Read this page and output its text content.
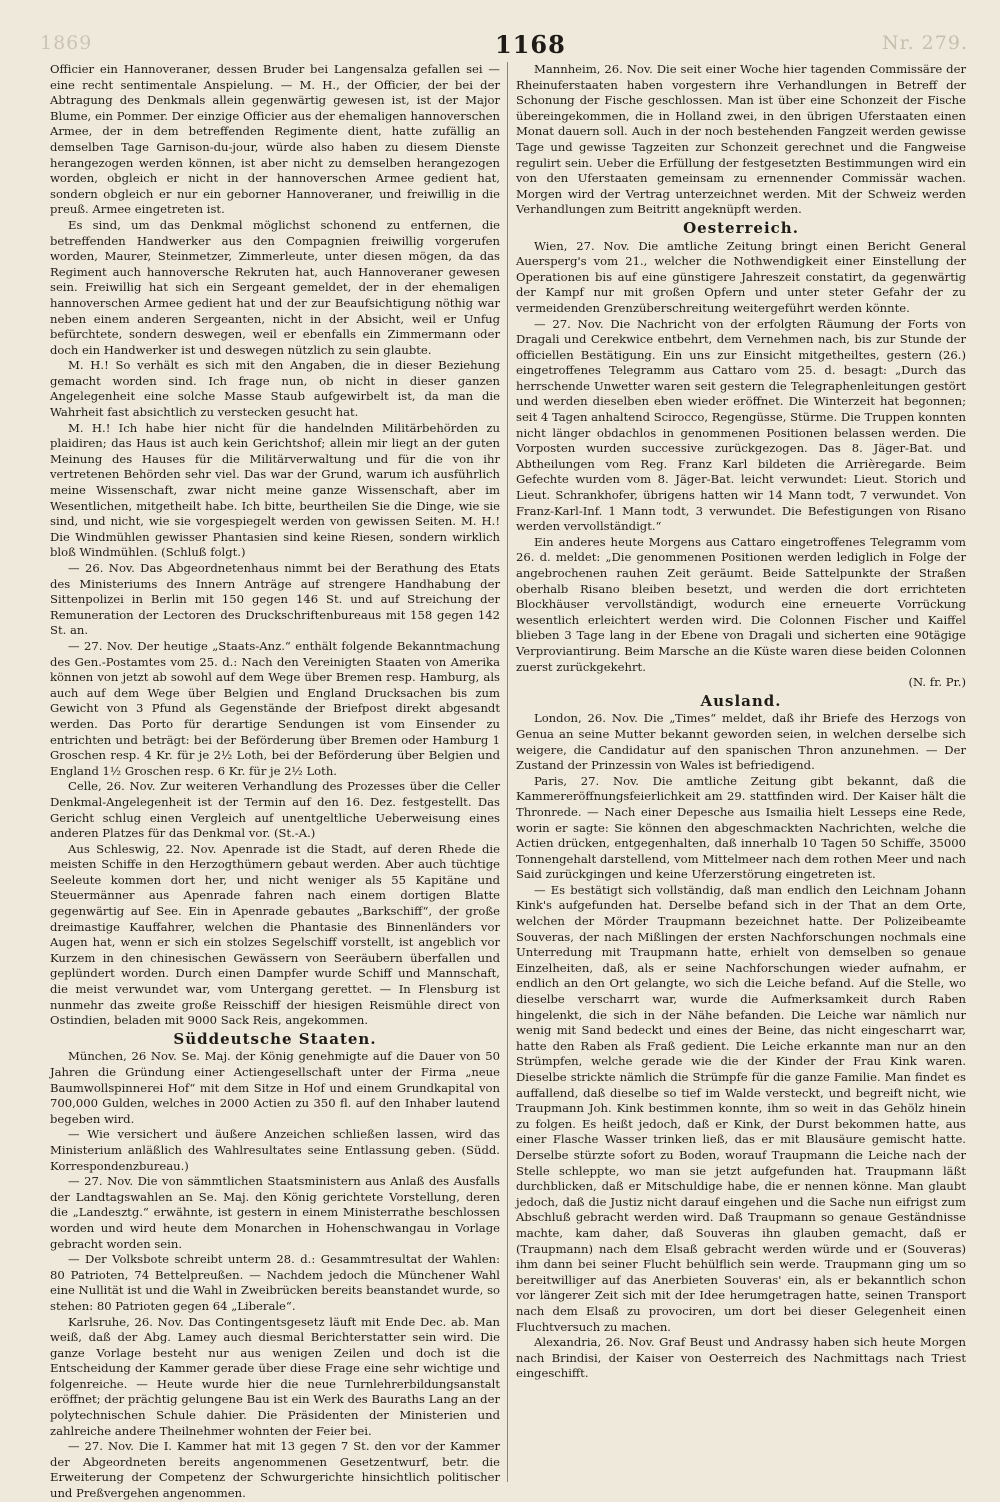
1869	1168	Nr. 279.

Officier ein Hannoveraner, dessen Bruder bei Langensalza gefallen sei — eine recht sentimentale Anspielung. — M. H., der Officier, der bei der Abtragung des Denkmals allein gegenwärtig gewesen ist, ist der Major Blume, ein Pommer. Der einzige Officier aus der ehemaligen hannoverschen Armee, der in dem betreffenden Regimente dient, hatte zufällig an demselben Tage Garnison-du-jour, würde also haben zu diesem Dienste herangezogen werden können, ist aber nicht zu demselben herangezogen worden, obgleich er nicht in der hannoverschen Armee gedient hat, sondern obgleich er nur ein geborner Hannoveraner, und freiwillig in die preuß. Armee eingetreten ist.

Es sind, um das Denkmal möglichst schonend zu entfernen, die betreffenden Handwerker aus den Compagnien freiwillig vorgerufen worden, Maurer, Steinmetzer, Zimmerleute, unter diesen mögen, da das Regiment auch hannoversche Rekruten hat, auch Hannoveraner gewesen sein. Freiwillig hat sich ein Sergeant gemeldet, der in der ehemaligen hannoverschen Armee gedient hat und der zur Beaufsichtigung nöthig war neben einem anderen Sergeanten, nicht in der Absicht, weil er Unfug befürchtete, sondern deswegen, weil er ebenfalls ein Zimmermann oder doch ein Handwerker ist und deswegen nützlich zu sein glaubte.

M. H.! So verhält es sich mit den Angaben, die in dieser Beziehung gemacht worden sind. Ich frage nun, ob nicht in dieser ganzen Angelegenheit eine solche Masse Staub aufgewirbelt ist, da man die Wahrheit fast absichtlich zu verstecken gesucht hat.

M. H.! Ich habe hier nicht für die handelnden Militärbehörden zu plaidiren; das Haus ist auch kein Gerichtshof; allein mir liegt an der guten Meinung des Hauses für die Militärverwaltung und für die von ihr vertretenen Behörden sehr viel. Das war der Grund, warum ich ausführlich meine Wissenschaft, zwar nicht meine ganze Wissenschaft, aber im Wesentlichen, mitgetheilt habe. Ich bitte, beurtheilen Sie die Dinge, wie sie sind, und nicht, wie sie vorgespiegelt werden von gewissen Seiten. M. H.! Die Windmühlen gewisser Phantasien sind keine Riesen, sondern wirklich bloß Windmühlen. (Schluß folgt.)

— 26. Nov. Das Abgeordnetenhaus nimmt bei der Berathung des Etats des Ministeriums des Innern Anträge auf strengere Handhabung der Sittenpolizei in Berlin mit 150 gegen 146 St. und auf Streichung der Remuneration der Lectoren des Druckschriftenbureaus mit 158 gegen 142 St. an.

— 27. Nov. Der heutige „Staats-Anz.“ enthält folgende Bekanntmachung des Gen.-Postamtes vom 25. d.: Nach den Vereinigten Staaten von Amerika können von jetzt ab sowohl auf dem Wege über Bremen resp. Hamburg, als auch auf dem Wege über Belgien und England Drucksachen bis zum Gewicht von 3 Pfund als Gegenstände der Briefpost direkt abgesandt werden. Das Porto für derartige Sendungen ist vom Einsender zu entrichten und beträgt: bei der Beförderung über Bremen oder Hamburg 1 Groschen resp. 4 Kr. für je 2½ Loth, bei der Beförderung über Belgien und England 1½ Groschen resp. 6 Kr. für je 2½ Loth.

Celle, 26. Nov. Zur weiteren Verhandlung des Prozesses über die Celler Denkmal-Angelegenheit ist der Termin auf den 16. Dez. festgestellt. Das Gericht schlug einen Vergleich auf unentgeltliche Ueberweisung eines anderen Platzes für das Denkmal vor. (St.-A.)

Aus Schleswig, 22. Nov. Apenrade ist die Stadt, auf deren Rhede die meisten Schiffe in den Herzogthümern gebaut werden. Aber auch tüchtige Seeleute kommen dort her, und nicht weniger als 55 Kapitäne und Steuermänner aus Apenrade fahren nach einem dortigen Blatte gegenwärtig auf See. Ein in Apenrade gebautes „Barkschiff“, der große dreimastige Kauffahrer, welchen die Phantasie des Binnenländers vor Augen hat, wenn er sich ein stolzes Segelschiff vorstellt, ist angeblich vor Kurzem in den chinesischen Gewässern von Seeräubern überfallen und geplündert worden. Durch einen Dampfer wurde Schiff und Mannschaft, die meist verwundet war, vom Untergang gerettet. — In Flensburg ist nunmehr das zweite große Reisschiff der hiesigen Reismühle direct von Ostindien, beladen mit 9000 Sack Reis, angekommen.

Süddeutsche Staaten.

München, 26 Nov. Se. Maj. der König genehmigte auf die Dauer von 50 Jahren die Gründung einer Actiengesellschaft unter der Firma „neue Baumwollspinnerei Hof“ mit dem Sitze in Hof und einem Grundkapital von 700,000 Gulden, welches in 2000 Actien zu 350 fl. auf den Inhaber lautend begeben wird.

— Wie versichert und äußere Anzeichen schließen lassen, wird das Ministerium anläßlich des Wahlresultates seine Entlassung geben. (Südd. Korrespondenzbureau.)

— 27. Nov. Die von sämmtlichen Staatsministern aus Anlaß des Ausfalls der Landtagswahlen an Se. Maj. den König gerichtete Vorstellung, deren die „Landesztg.“ erwähnte, ist gestern in einem Ministerrathe beschlossen worden und wird heute dem Monarchen in Hohenschwangau in Vorlage gebracht worden sein.

— Der Volksbote schreibt unterm 28. d.: Gesammtresultat der Wahlen: 80 Patrioten, 74 Bettelpreußen. — Nachdem jedoch die Münchener Wahl eine Nullität ist und die Wahl in Zweibrücken bereits beanstandet wurde, so stehen: 80 Patrioten gegen 64 „Liberale“.

Karlsruhe, 26. Nov. Das Contingentsgesetz läuft mit Ende Dec. ab. Man weiß, daß der Abg. Lamey auch diesmal Berichterstatter sein wird. Die ganze Vorlage besteht nur aus wenigen Zeilen und doch ist die Entscheidung der Kammer gerade über diese Frage eine sehr wichtige und folgenreiche. — Heute wurde hier die neue Turnlehrerbildungsanstalt eröffnet; der prächtig gelungene Bau ist ein Werk des Bauraths Lang an der polytechnischen Schule dahier. Die Präsidenten der Ministerien und zahlreiche andere Theilnehmer wohnten der Feier bei.

— 27. Nov. Die I. Kammer hat mit 13 gegen 7 St. den vor der Kammer der Abgeordneten bereits angenommenen Gesetzentwurf, betr. die Erweiterung der Competenz der Schwurgerichte hinsichtlich politischer und Preßvergehen angenommen.

Mannheim, 26. Nov. Die seit einer Woche hier tagenden Commissäre der Rheinuferstaaten haben vorgestern ihre Verhandlungen in Betreff der Schonung der Fische geschlossen. Man ist über eine Schonzeit der Fische übereingekommen, die in Holland zwei, in den übrigen Uferstaaten einen Monat dauern soll. Auch in der noch bestehenden Fangzeit werden gewisse Tage und gewisse Tagzeiten zur Schonzeit gerechnet und die Fangweise regulirt sein. Ueber die Erfüllung der festgesetzten Bestimmungen wird ein von den Uferstaaten gemeinsam zu ernennender Commissär wachen. Morgen wird der Vertrag unterzeichnet werden. Mit der Schweiz werden Verhandlungen zum Beitritt angeknüpft werden.

Oesterreich.

Wien, 27. Nov. Die amtliche Zeitung bringt einen Bericht General Auersperg's vom 21., welcher die Nothwendigkeit einer Einstellung der Operationen bis auf eine günstigere Jahreszeit constatirt, da gegenwärtig der Kampf nur mit großen Opfern und unter steter Gefahr der zu vermeidenden Grenzüberschreitung weitergeführt werden könnte.

— 27. Nov. Die Nachricht von der erfolgten Räumung der Forts von Dragali und Cerekwice entbehrt, dem Vernehmen nach, bis zur Stunde der officiellen Bestätigung. Ein uns zur Einsicht mitgetheiltes, gestern (26.) eingetroffenes Telegramm aus Cattaro vom 25. d. besagt: „Durch das herrschende Unwetter waren seit gestern die Telegraphenleitungen gestört und werden dieselben eben wieder eröffnet. Die Winterzeit hat begonnen; seit 4 Tagen anhaltend Scirocco, Regengüsse, Stürme. Die Truppen konnten nicht länger obdachlos in genommenen Positionen belassen werden. Die Vorposten wurden successive zurückgezogen. Das 8. Jäger-Bat. und Abtheilungen vom Reg. Franz Karl bildeten die Arrièregarde. Beim Gefechte wurden vom 8. Jäger-Bat. leicht verwundet: Lieut. Storich und Lieut. Schrankhofer, übrigens hatten wir 14 Mann todt, 7 verwundet. Von Franz-Karl-Inf. 1 Mann todt, 3 verwundet. Die Befestigungen von Risano werden vervollständigt.“

Ein anderes heute Morgens aus Cattaro eingetroffenes Telegramm vom 26. d. meldet: „Die genommenen Positionen werden lediglich in Folge der angebrochenen rauhen Zeit geräumt. Beide Sattelpunkte der Straßen oberhalb Risano bleiben besetzt, und werden die dort errichteten Blockhäuser vervollständigt, wodurch eine erneuerte Vorrückung wesentlich erleichtert werden wird. Die Colonnen Fischer und Kaiffel blieben 3 Tage lang in der Ebene von Dragali und sicherten eine 90tägige Verproviantirung. Beim Marsche an die Küste waren diese beiden Colonnen zuerst zurückgekehrt.

(N. fr. Pr.)

Ausland.

London, 26. Nov. Die „Times“ meldet, daß ihr Briefe des Herzogs von Genua an seine Mutter bekannt geworden seien, in welchen derselbe sich weigere, die Candidatur auf den spanischen Thron anzunehmen. — Der Zustand der Prinzessin von Wales ist befriedigend.

Paris, 27. Nov. Die amtliche Zeitung gibt bekannt, daß die Kammereröffnungsfeierlichkeit am 29. stattfinden wird. Der Kaiser hält die Thronrede. — Nach einer Depesche aus Ismailia hielt Lesseps eine Rede, worin er sagte: Sie können den abgeschmackten Nachrichten, welche die Actien drücken, entgegenhalten, daß innerhalb 10 Tagen 50 Schiffe, 35000 Tonnengehalt darstellend, vom Mittelmeer nach dem rothen Meer und nach Said zurückgingen und keine Uferzerstörung eingetreten ist.

— Es bestätigt sich vollständig, daß man endlich den Leichnam Johann Kink's aufgefunden hat. Derselbe befand sich in der That an dem Orte, welchen der Mörder Traupmann bezeichnet hatte. Der Polizeibeamte Souveras, der nach Mißlingen der ersten Nachforschungen nochmals eine Unterredung mit Traupmann hatte, erhielt von demselben so genaue Einzelheiten, daß, als er seine Nachforschungen wieder aufnahm, er endlich an den Ort gelangte, wo sich die Leiche befand. Auf die Stelle, wo dieselbe verscharrt war, wurde die Aufmerksamkeit durch Raben hingelenkt, die sich in der Nähe befanden. Die Leiche war nämlich nur wenig mit Sand bedeckt und eines der Beine, das nicht eingescharrt war, hatte den Raben als Fraß gedient. Die Leiche erkannte man nur an den Strümpfen, welche gerade wie die der Kinder der Frau Kink waren. Dieselbe strickte nämlich die Strümpfe für die ganze Familie. Man findet es auffallend, daß dieselbe so tief im Walde versteckt, und begreift nicht, wie Traupmann Joh. Kink bestimmen konnte, ihm so weit in das Gehölz hinein zu folgen. Es heißt jedoch, daß er Kink, der Durst bekommen hatte, aus einer Flasche Wasser trinken ließ, das er mit Blausäure gemischt hatte. Derselbe stürzte sofort zu Boden, worauf Traupmann die Leiche nach der Stelle schleppte, wo man sie jetzt aufgefunden hat. Traupmann läßt durchblicken, daß er Mitschuldige habe, die er nennen könne. Man glaubt jedoch, daß die Justiz nicht darauf eingehen und die Sache nun eifrigst zum Abschluß gebracht werden wird. Daß Traupmann so genaue Geständnisse machte, kam daher, daß Souveras ihn glauben gemacht, daß er (Traupmann) nach dem Elsaß gebracht werden würde und er (Souveras) ihm dann bei seiner Flucht behülflich sein werde. Traupmann ging um so bereitwilliger auf das Anerbieten Souveras' ein, als er bekanntlich schon vor längerer Zeit sich mit der Idee herumgetragen hatte, seinen Transport nach dem Elsaß zu provociren, um dort bei dieser Gelegenheit einen Fluchtversuch zu machen.

Alexandria, 26. Nov. Graf Beust und Andrassy haben sich heute Morgen nach Brindisi, der Kaiser von Oesterreich des Nachmittags nach Triest eingeschifft.
